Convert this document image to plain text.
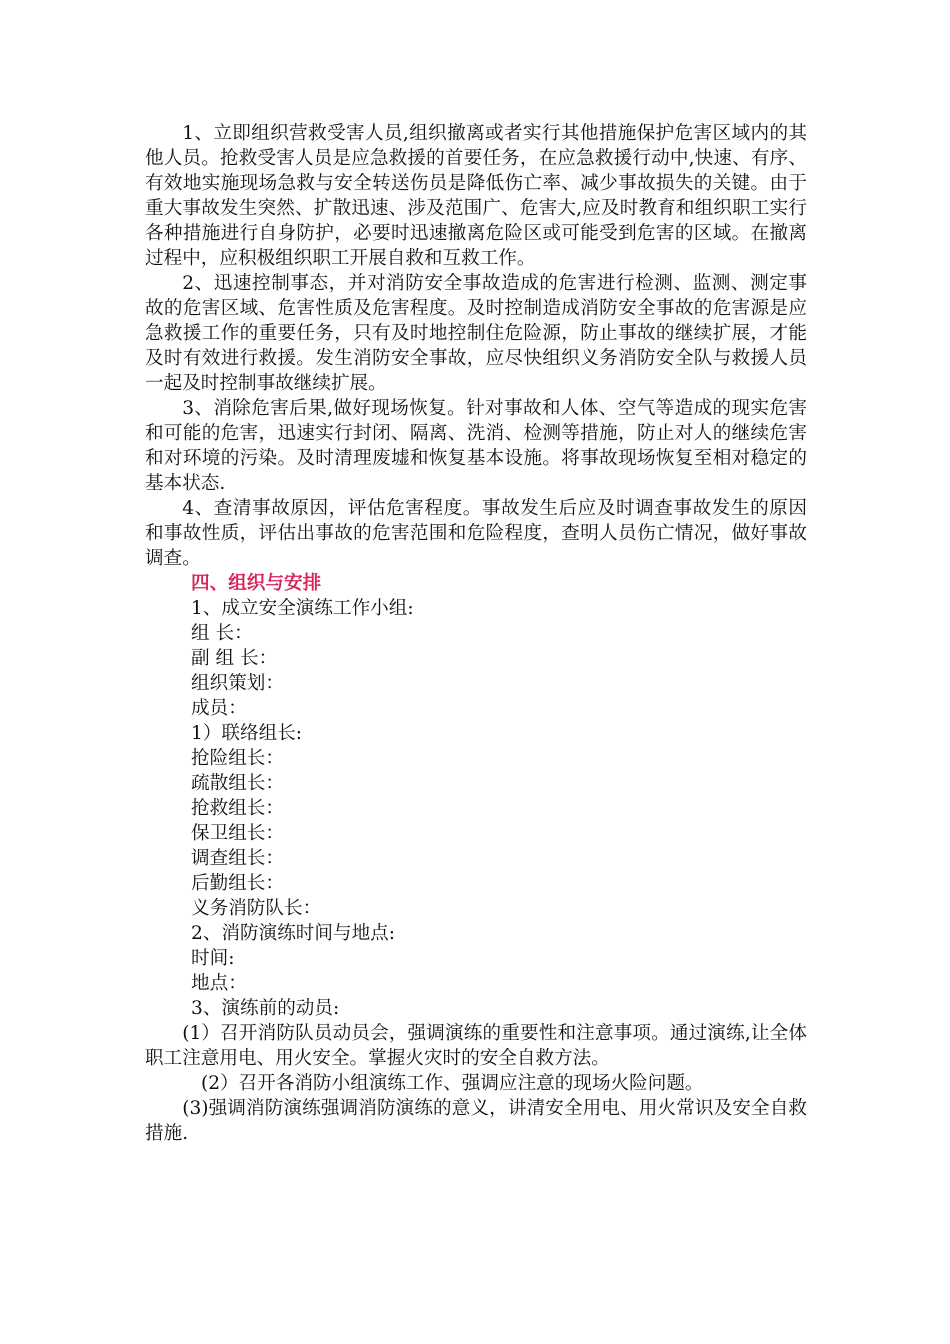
1、立即组织营救受害人员,组织撤离或者实行其他措施保护危害区域内的其他人员。抢救受害人员是应急救援的首要任务，在应急救援行动中,快速、有序、有效地实施现场急救与安全转送伤员是降低伤亡率、减少事故损失的关键。由于重大事故发生突然、扩散迅速、涉及范围广、危害大,应及时教育和组织职工实行各种措施进行自身防护，必要时迅速撤离危险区或可能受到危害的区域。在撤离过程中，应积极组织职工开展自救和互救工作。

2、迅速控制事态，并对消防安全事故造成的危害进行检测、监测、测定事故的危害区域、危害性质及危害程度。及时控制造成消防安全事故的危害源是应急救援工作的重要任务，只有及时地控制住危险源，防止事故的继续扩展，才能及时有效进行救援。发生消防安全事故，应尽快组织义务消防安全队与救援人员一起及时控制事故继续扩展。

3、消除危害后果,做好现场恢复。针对事故和人体、空气等造成的现实危害和可能的危害，迅速实行封闭、隔离、洗消、检测等措施，防止对人的继续危害和对环境的污染。及时清理废墟和恢复基本设施。将事故现场恢复至相对稳定的基本状态.

4、查清事故原因，评估危害程度。事故发生后应及时调查事故发生的原因和事故性质，评估出事故的危害范围和危险程度，查明人员伤亡情况，做好事故调查。

四、组织与安排

1、成立安全演练工作小组:

组 长：

副 组 长：

组织策划：

成员：

1）联络组长:

抢险组长：

疏散组长：

抢救组长：

保卫组长：

调查组长：

后勤组长：

义务消防队长：

2、消防演练时间与地点:

时间:

地点：

3、演练前的动员:

(1）召开消防队员动员会，强调演练的重要性和注意事项。通过演练,让全体职工注意用电、用火安全。掌握火灾时的安全自救方法。

(2）召开各消防小组演练工作、强调应注意的现场火险问题。

(3)强调消防演练强调消防演练的意义，讲清安全用电、用火常识及安全自救措施.
